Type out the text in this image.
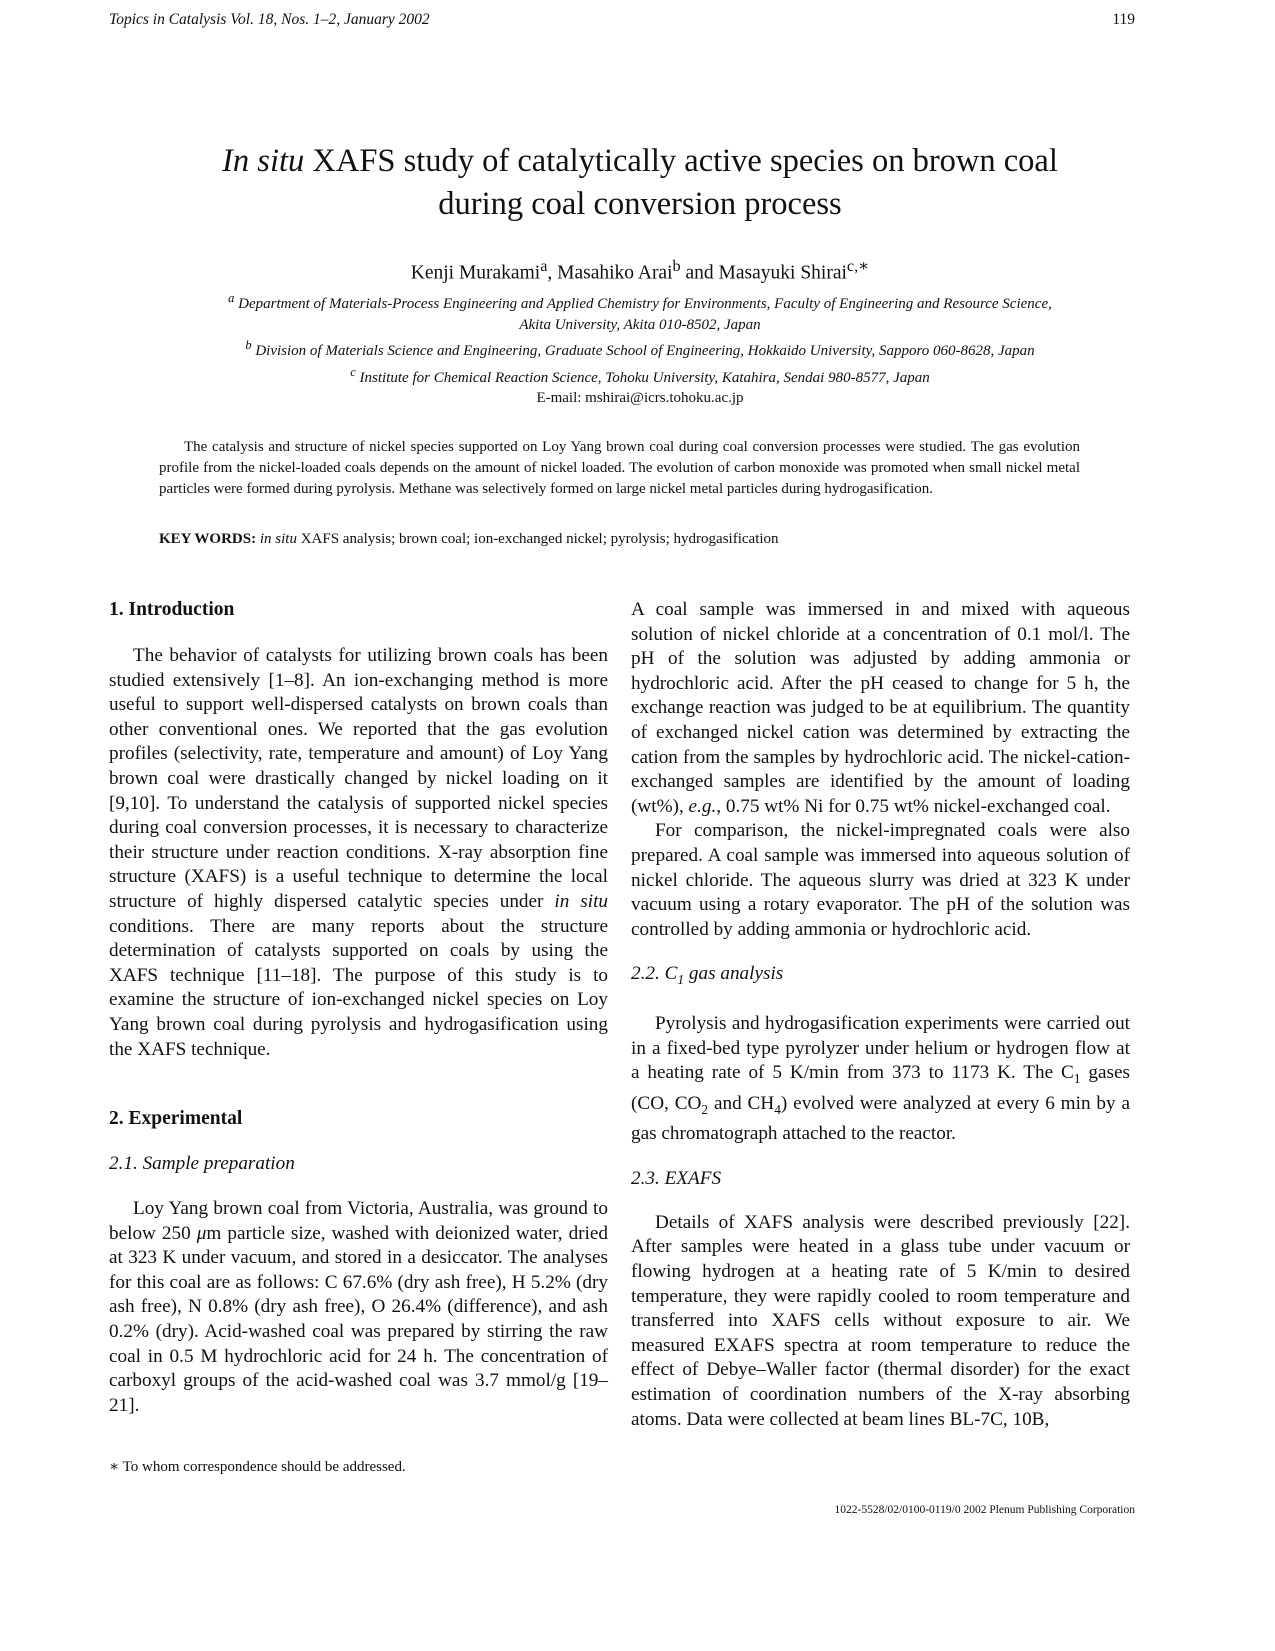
Topics in Catalysis Vol. 18, Nos. 1–2, January 2002	119
In situ XAFS study of catalytically active species on brown coal
during coal conversion process
Kenji Murakami$^a$, Masahiko Arai$^b$ and Masayuki Shirai$^{c,∗}$
$^a$ Department of Materials-Process Engineering and Applied Chemistry for Environments, Faculty of Engineering and Resource Science,
Akita University, Akita 010-8502, Japan
$^b$ Division of Materials Science and Engineering, Graduate School of Engineering, Hokkaido University, Sapporo 060-8628, Japan
$^c$ Institute for Chemical Reaction Science, Tohoku University, Katahira, Sendai 980-8577, Japan
E-mail: mshirai@icrs.tohoku.ac.jp

The catalysis and structure of nickel species supported on Loy Yang brown coal during coal conversion processes were studied. The gas evolution profile from the nickel-loaded coals depends on the amount of nickel loaded. The evolution of carbon monoxide was promoted when small nickel metal particles were formed during pyrolysis. Methane was selectively formed on large nickel metal particles during hydrogasification.

KEY WORDS: in situ XAFS analysis; brown coal; ion-exchanged nickel; pyrolysis; hydrogasification
1. Introduction

The behavior of catalysts for utilizing brown coals has been studied extensively [1–8]. An ion-exchanging method is more useful to support well-dispersed catalysts on brown coals than other conventional ones. We reported that the gas evolution profiles (selectivity, rate, temperature and amount) of Loy Yang brown coal were drastically changed by nickel loading on it [9,10]. To understand the catalysis of supported nickel species during coal conversion processes, it is necessary to characterize their structure under reaction conditions. X-ray absorption fine structure (XAFS) is a useful technique to determine the local structure of highly dispersed catalytic species under in situ conditions. There are many reports about the structure determination of catalysts supported on coals by using the XAFS technique [11–18]. The purpose of this study is to examine the structure of ion-exchanged nickel species on Loy Yang brown coal during pyrolysis and hydrogasification using the XAFS technique.

2. Experimental
2.1. Sample preparation

Loy Yang brown coal from Victoria, Australia, was ground to below 250 μm particle size, washed with deionized water, dried at 323 K under vacuum, and stored in a desiccator. The analyses for this coal are as follows: C 67.6% (dry ash free), H 5.2% (dry ash free), N 0.8% (dry ash free), O 26.4% (difference), and ash 0.2% (dry). Acid-washed coal was prepared by stirring the raw coal in 0.5 M hydrochloric acid for 24 h. The concentration of carboxyl groups of the acid-washed coal was 3.7 mmol/g [19–21].

A coal sample was immersed in and mixed with aqueous solution of nickel chloride at a concentration of 0.1 mol/l. The pH of the solution was adjusted by adding ammonia or hydrochloric acid. After the pH ceased to change for 5 h, the exchange reaction was judged to be at equilibrium. The quantity of exchanged nickel cation was determined by extracting the cation from the samples by hydrochloric acid. The nickel-cation-exchanged samples are identified by the amount of loading (wt%), e.g., 0.75 wt% Ni for 0.75 wt% nickel-exchanged coal.

For comparison, the nickel-impregnated coals were also prepared. A coal sample was immersed into aqueous solution of nickel chloride. The aqueous slurry was dried at 323 K under vacuum using a rotary evaporator. The pH of the solution was controlled by adding ammonia or hydrochloric acid.

2.2. $C_1$ gas analysis

Pyrolysis and hydrogasification experiments were carried out in a fixed-bed type pyrolyzer under helium or hydrogen flow at a heating rate of 5 K/min from 373 to 1173 K. The $C_1$ gases (CO, $CO_2$ and $CH_4$) evolved were analyzed at every 6 min by a gas chromatograph attached to the reactor.

2.3. EXAFS

Details of XAFS analysis were described previously [22]. After samples were heated in a glass tube under vacuum or flowing hydrogen at a heating rate of 5 K/min to desired temperature, they were rapidly cooled to room temperature and transferred into XAFS cells without exposure to air. We measured EXAFS spectra at room temperature to reduce the effect of Debye–Waller factor (thermal disorder) for the exact estimation of coordination numbers of the X-ray absorbing atoms. Data were collected at beam lines BL-7C, 10B,

∗ To whom correspondence should be addressed.
1022-5528/02/0100-0119/0 2002 Plenum Publishing Corporation
